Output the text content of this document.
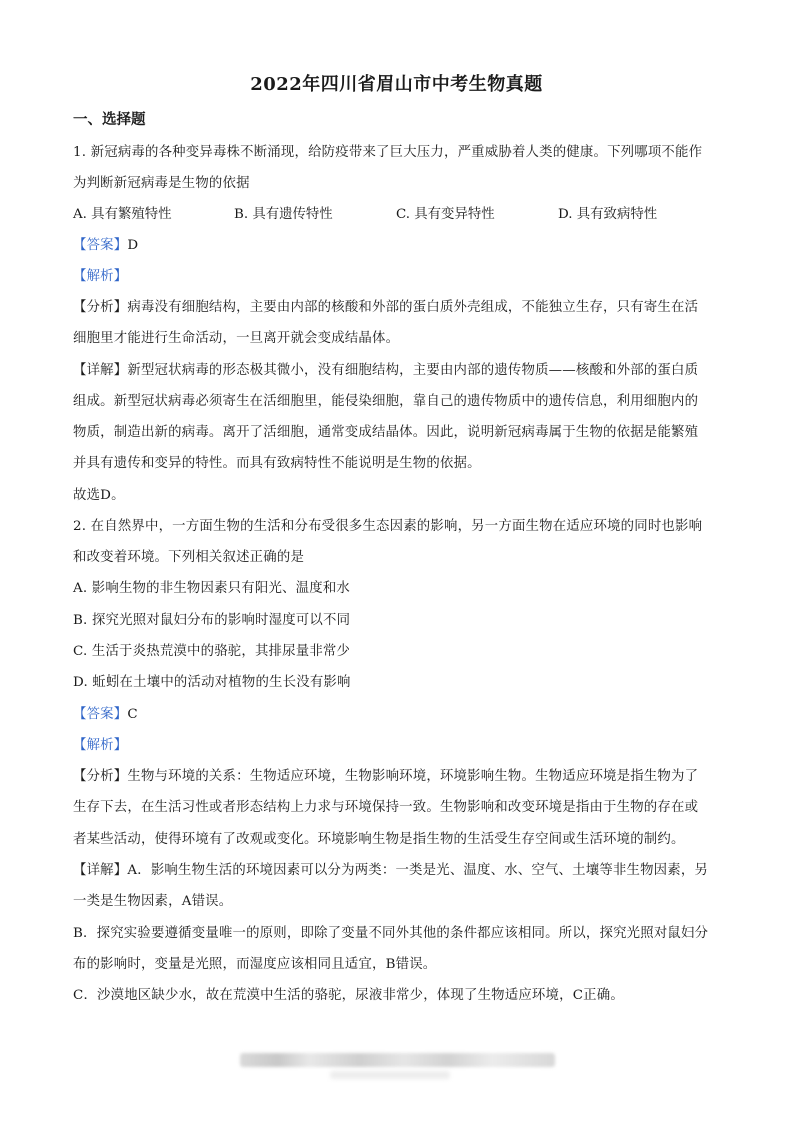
2022年四川省眉山市中考生物真题
一、选择题
1. 新冠病毒的各种变异毒株不断涌现，给防疫带来了巨大压力，严重威胁着人类的健康。下列哪项不能作
为判断新冠病毒是生物的依据
A. 具有繁殖特性	B. 具有遗传特性	C. 具有变异特性	D. 具有致病特性
【答案】D
【解析】
【分析】病毒没有细胞结构，主要由内部的核酸和外部的蛋白质外壳组成，不能独立生存，只有寄生在活
细胞里才能进行生命活动，一旦离开就会变成结晶体。
【详解】新型冠状病毒的形态极其微小，没有细胞结构，主要由内部的遗传物质——核酸和外部的蛋白质
组成。新型冠状病毒必须寄生在活细胞里，能侵染细胞，靠自己的遗传物质中的遗传信息，利用细胞内的
物质，制造出新的病毒。离开了活细胞，通常变成结晶体。因此，说明新冠病毒属于生物的依据是能繁殖
并具有遗传和变异的特性。而具有致病特性不能说明是生物的依据。
故选D。
2. 在自然界中，一方面生物的生活和分布受很多生态因素的影响，另一方面生物在适应环境的同时也影响
和改变着环境。下列相关叙述正确的是
A. 影响生物的非生物因素只有阳光、温度和水
B. 探究光照对鼠妇分布的影响时湿度可以不同
C. 生活于炎热荒漠中的骆驼，其排尿量非常少
D. 蚯蚓在土壤中的活动对植物的生长没有影响
【答案】C
【解析】
【分析】生物与环境的关系：生物适应环境，生物影响环境，环境影响生物。生物适应环境是指生物为了
生存下去，在生活习性或者形态结构上力求与环境保持一致。生物影响和改变环境是指由于生物的存在或
者某些活动，使得环境有了改观或变化。环境影响生物是指生物的生活受生存空间或生活环境的制约。
【详解】A．影响生物生活的环境因素可以分为两类：一类是光、温度、水、空气、土壤等非生物因素，另
一类是生物因素，A错误。
B．探究实验要遵循变量唯一的原则，即除了变量不同外其他的条件都应该相同。所以，探究光照对鼠妇分
布的影响时，变量是光照，而湿度应该相同且适宜，B错误。
C．沙漠地区缺少水，故在荒漠中生活的骆驼，尿液非常少，体现了生物适应环境，C正确。
